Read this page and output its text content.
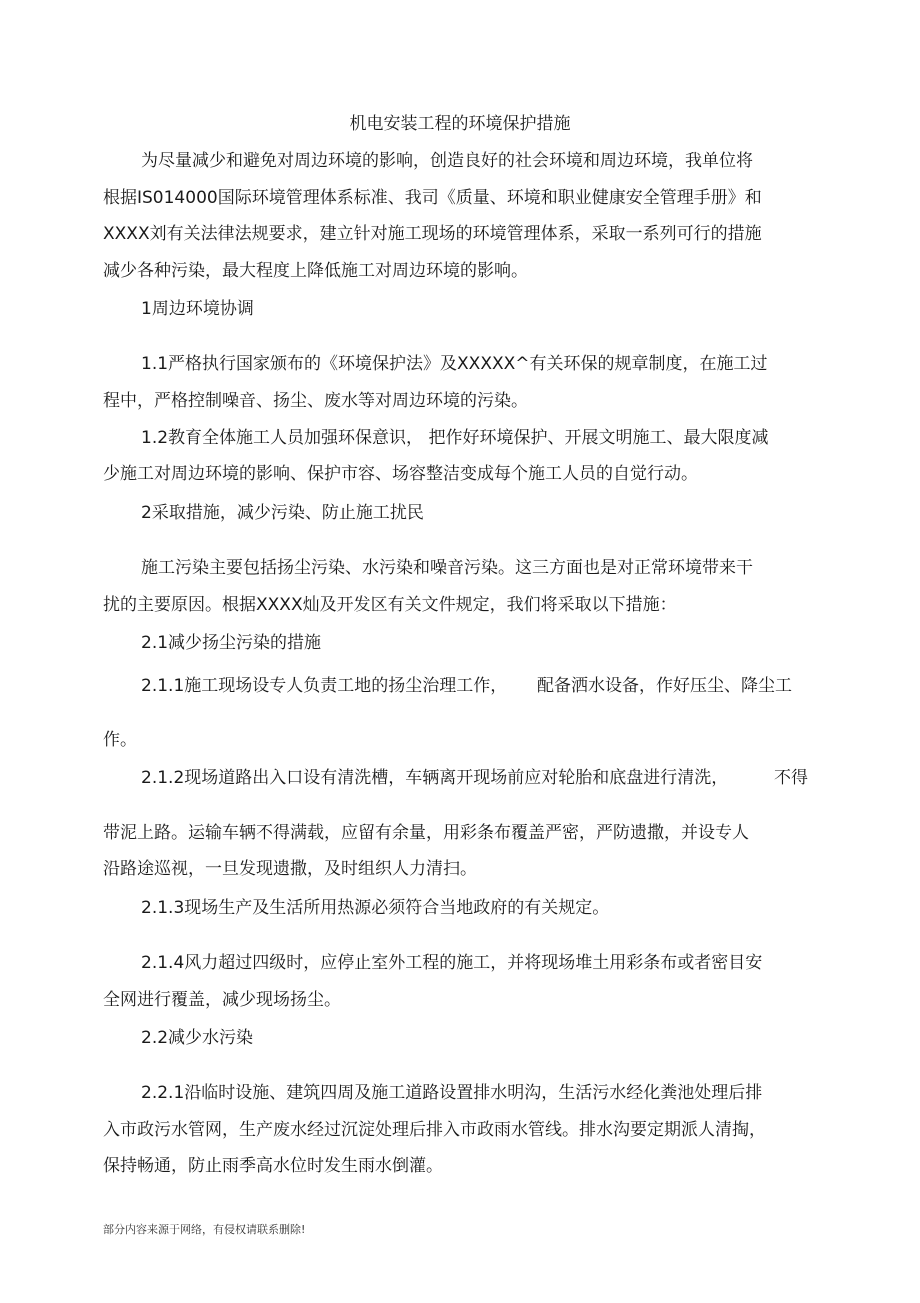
机电安装工程的环境保护措施

为尽量减少和避免对周边环境的影响，创造良好的社会环境和周边环境，我单位将

根据IS014000国际环境管理体系标准、我司《质量、环境和职业健康安全管理手册》和

XXXX刘有关法律法规要求，建立针对施工现场的环境管理体系，采取一系列可行的措施

减少各种污染，最大程度上降低施工对周边环境的影响。

1周边环境协调

1.1严格执行国家颁布的《环境保护法》及XXXXX^有关环保的规章制度，在施工过

程中，严格控制噪音、扬尘、废水等对周边环境的污染。

1.2教育全体施工人员加强环保意识， 把作好环境保护、开展文明施工、最大限度减

少施工对周边环境的影响、保护市容、场容整洁变成每个施工人员的自觉行动。

2采取措施，减少污染、防止施工扰民

施工污染主要包括扬尘污染、水污染和噪音污染。这三方面也是对正常环境带来干

扰的主要原因。根据XXXX灿及开发区有关文件规定，我们将采取以下措施：

2.1减少扬尘污染的措施

2.1.1施工现场设专人负责工地的扬尘治理工作， 配备洒水设备，作好压尘、降尘工

作。

2.1.2现场道路出入口设有清洗槽，车辆离开现场前应对轮胎和底盘进行清洗，	不得

带泥上路。运输车辆不得满载，应留有余量，用彩条布覆盖严密，严防遗撒，并设专人

沿路途巡视，一旦发现遗撒，及时组织人力清扫。

2.1.3现场生产及生活所用热源必须符合当地政府的有关规定。

2.1.4风力超过四级时，应停止室外工程的施工，并将现场堆土用彩条布或者密目安

全网进行覆盖，减少现场扬尘。

2.2减少水污染

2.2.1沿临时设施、建筑四周及施工道路设置排水明沟，生活污水经化粪池处理后排

入市政污水管网，生产废水经过沉淀处理后排入市政雨水管线。排水沟要定期派人清掏，

保持畅通，防止雨季高水位时发生雨水倒灌。

部分内容来源于网络，有侵权请联系删除!
